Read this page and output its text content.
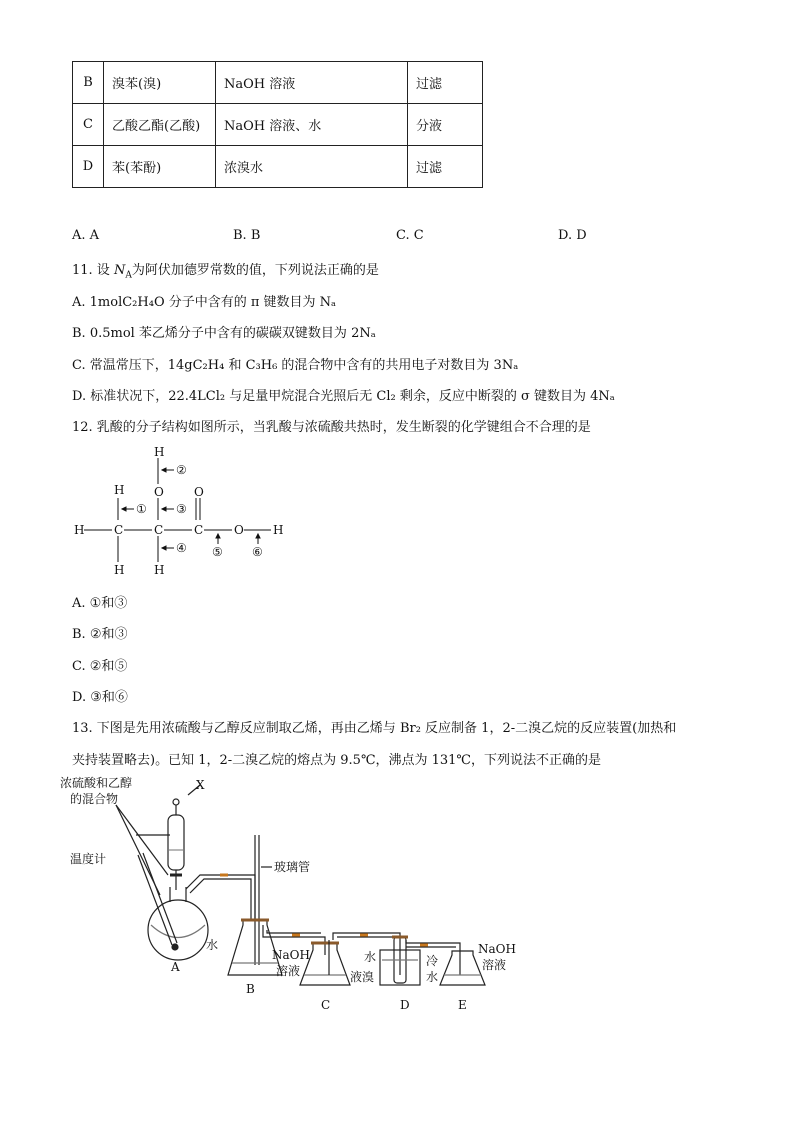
B	溴苯(溴)	NaOH 溶液	过滤
C	乙酸乙酯(乙酸)	NaOH 溶液、水	分液
D	苯(苯酚)	浓溴水	过滤
A. A	B. B	C. C	D. D
11. 设 $N_A$为阿伏加德罗常数的值，下列说法正确的是
A. 1molC₂H₄O 分子中含有的 π 键数目为 Nₐ
B. 0.5mol 苯乙烯分子中含有的碳碳双键数目为 2Nₐ
C. 常温常压下，14gC₂H₄ 和 C₃H₆ 的混合物中含有的共用电子对数目为 3Nₐ
D. 标准状况下，22.4LCl₂ 与足量甲烷混合光照后无 Cl₂ 剩余，反应中断裂的 σ 键数目为 4Nₐ
12. 乳酸的分子结构如图所示，当乳酸与浓硫酸共热时，发生断裂的化学键组合不合理的是
H C	C	C	O H
H
H H
O
H
O
①
②
③
④ ⑤ ⑥
A. ①和③
B. ②和③
C. ②和⑤
D. ③和⑥
13. 下图是先用浓硫酸与乙醇反应制取乙烯，再由乙烯与 Br₂ 反应制备 1，2-二溴乙烷的反应装置(加热和
夹持装置略去)。已知 1，2-二溴乙烷的熔点为 9.5℃，沸点为 131℃，下列说法不正确的是
浓硫酸和乙醇
的混合物
X
温度计
玻璃管
水
NaOH
溶液
水
液溴
冷
水
NaOH
溶液
A
B
C	D	E
